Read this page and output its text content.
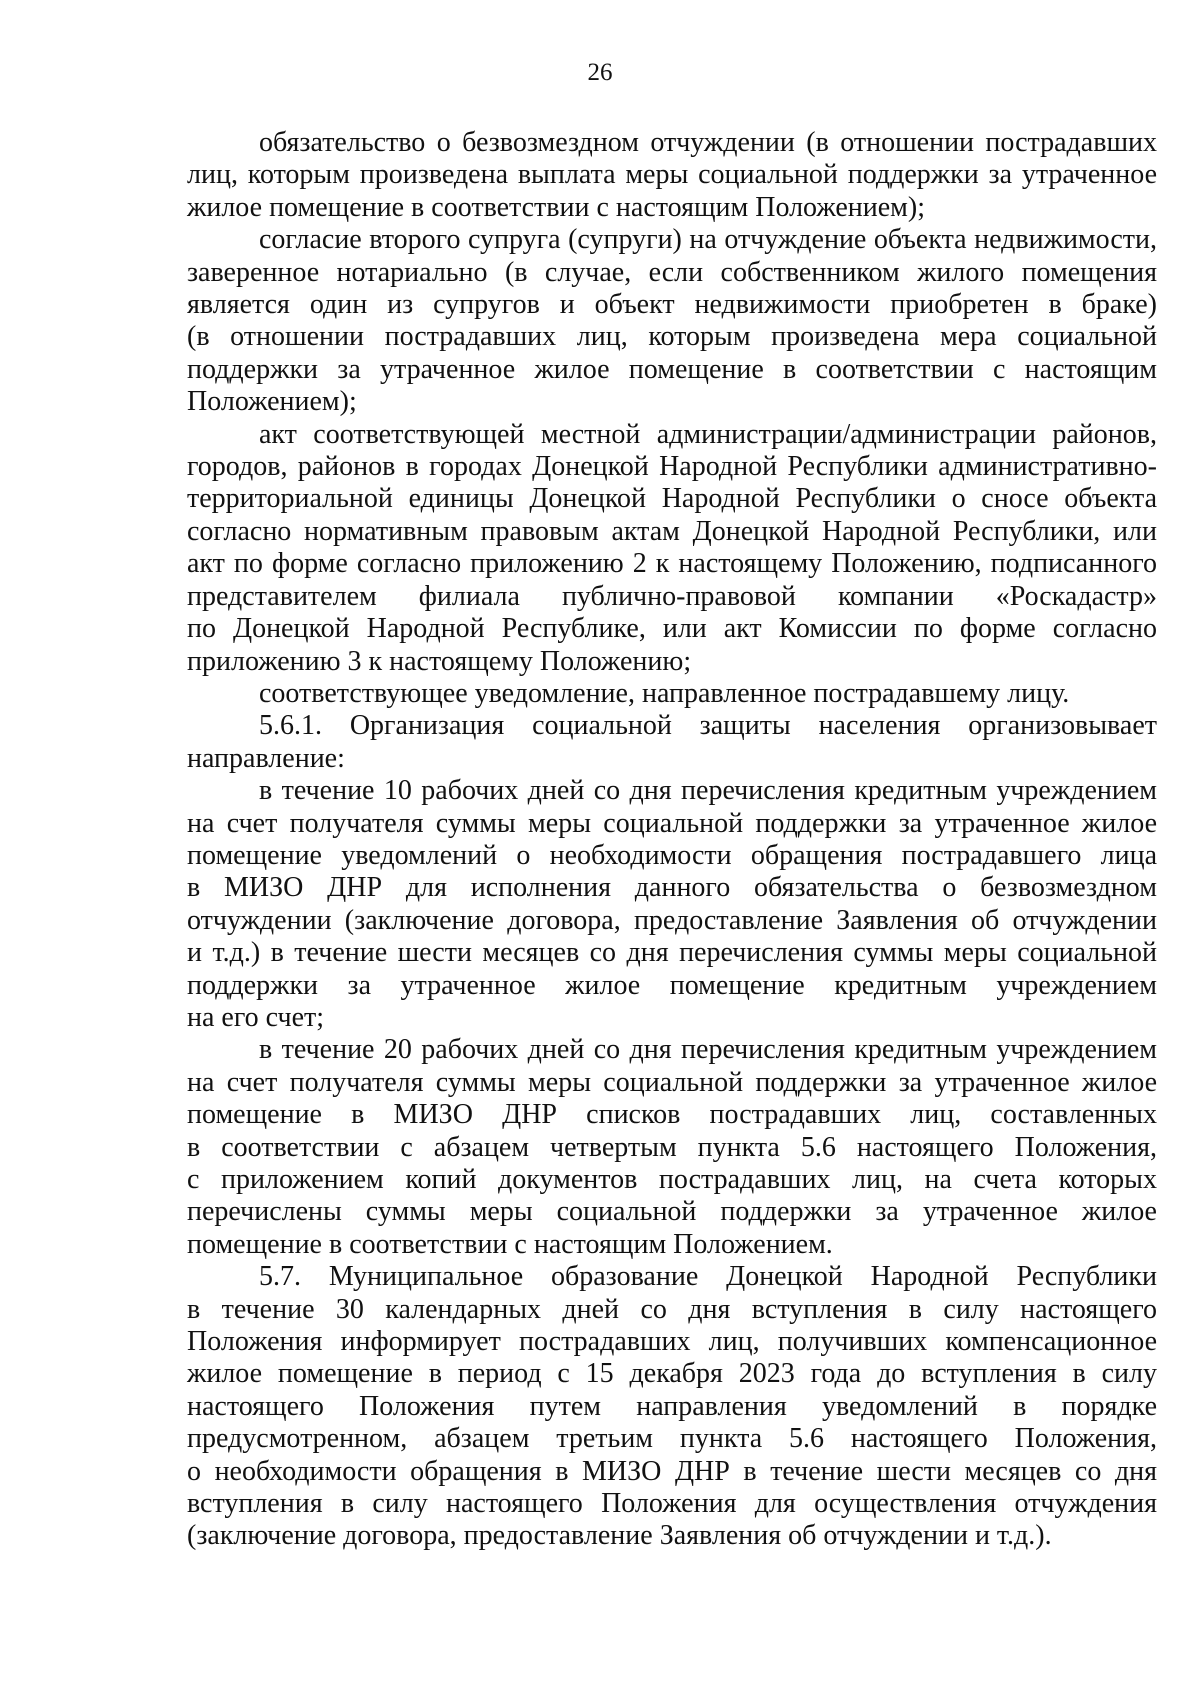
26

обязательство о безвозмездном отчуждении (в отношении пострадавших
лиц, которым произведена выплата меры социальной поддержки за утраченное
жилое помещение в соответствии с настоящим Положением);

согласие второго супруга (супруги) на отчуждение объекта недвижимости,
заверенное нотариально (в случае, если собственником жилого помещения
является один из супругов и объект недвижимости приобретен в браке)
(в отношении пострадавших лиц, которым произведена мера социальной
поддержки за утраченное жилое помещение в соответствии с настоящим
Положением);

акт соответствующей местной администрации/администрации районов,
городов, районов в городах Донецкой Народной Республики административно-
территориальной единицы Донецкой Народной Республики о сносе объекта
согласно нормативным правовым актам Донецкой Народной Республики, или
акт по форме согласно приложению 2 к настоящему Положению, подписанного
представителем филиала публично-правовой компании «Роскадастр»
по Донецкой Народной Республике, или акт Комиссии по форме согласно
приложению 3 к настоящему Положению;

соответствующее уведомление, направленное пострадавшему лицу.

5.6.1. Организация социальной защиты населения организовывает
направление:

в течение 10 рабочих дней со дня перечисления кредитным учреждением
на счет получателя суммы меры социальной поддержки за утраченное жилое
помещение уведомлений о необходимости обращения пострадавшего лица
в МИЗО ДНР для исполнения данного обязательства о безвозмездном
отчуждении (заключение договора, предоставление Заявления об отчуждении
и т.д.) в течение шести месяцев со дня перечисления суммы меры социальной
поддержки за утраченное жилое помещение кредитным учреждением
на его счет;

в течение 20 рабочих дней со дня перечисления кредитным учреждением
на счет получателя суммы меры социальной поддержки за утраченное жилое
помещение в МИЗО ДНР списков пострадавших лиц, составленных
в соответствии с абзацем четвертым пункта 5.6 настоящего Положения,
с приложением копий документов пострадавших лиц, на счета которых
перечислены суммы меры социальной поддержки за утраченное жилое
помещение в соответствии с настоящим Положением.

5.7. Муниципальное образование Донецкой Народной Республики
в течение 30 календарных дней со дня вступления в силу настоящего
Положения информирует пострадавших лиц, получивших компенсационное
жилое помещение в период с 15 декабря 2023 года до вступления в силу
настоящего Положения путем направления уведомлений в порядке
предусмотренном, абзацем третьим пункта 5.6 настоящего Положения,
о необходимости обращения в МИЗО ДНР в течение шести месяцев со дня
вступления в силу настоящего Положения для осуществления отчуждения
(заключение договора, предоставление Заявления об отчуждении и т.д.).
